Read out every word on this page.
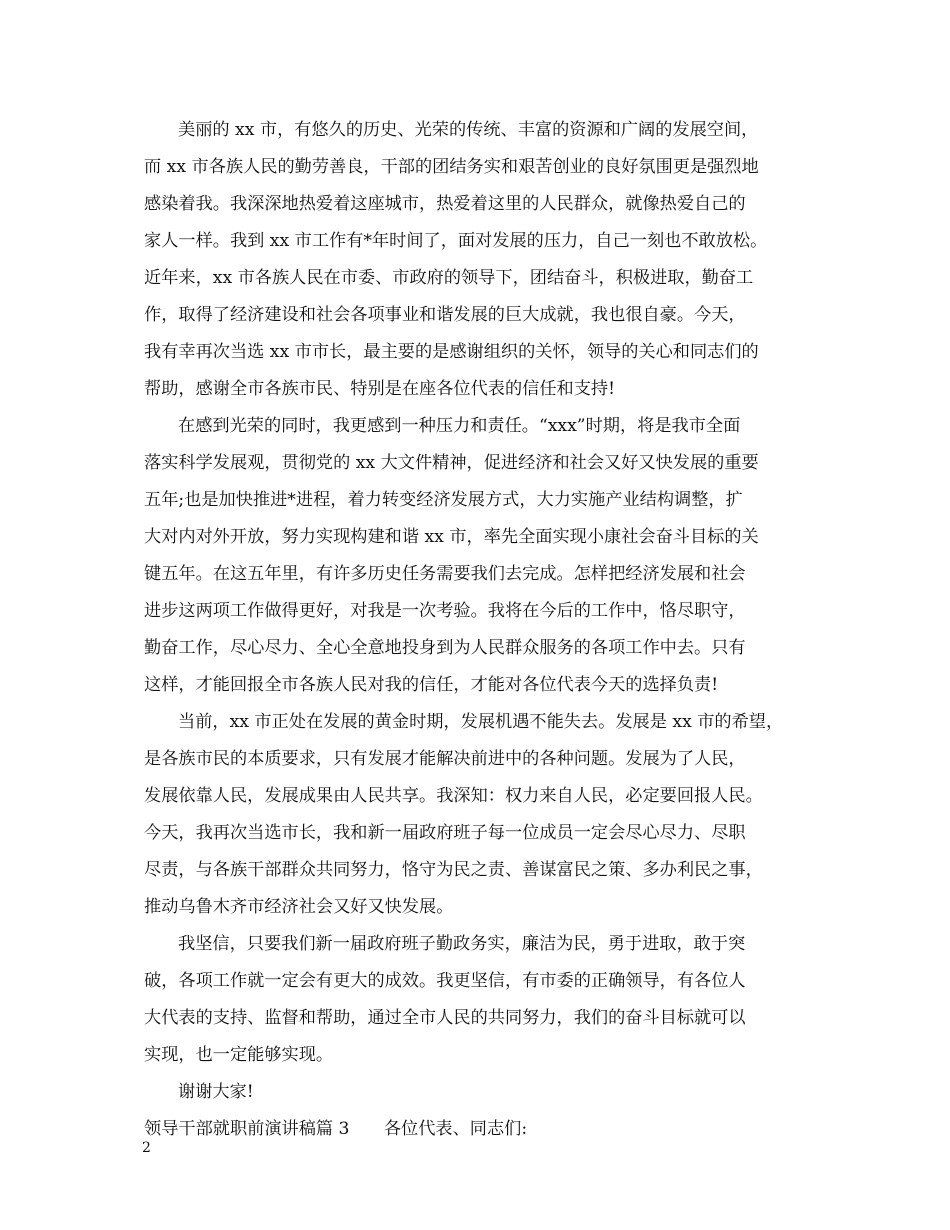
美丽的 xx 市，有悠久的历史、光荣的传统、丰富的资源和广阔的发展空间，
而 xx 市各族人民的勤劳善良，干部的团结务实和艰苦创业的良好氛围更是强烈地
感染着我。我深深地热爱着这座城市，热爱着这里的人民群众，就像热爱自己的
家人一样。我到 xx 市工作有*年时间了，面对发展的压力，自己一刻也不敢放松。
近年来，xx 市各族人民在市委、市政府的领导下，团结奋斗，积极进取，勤奋工
作，取得了经济建设和社会各项事业和谐发展的巨大成就，我也很自豪。今天，
我有幸再次当选 xx 市市长，最主要的是感谢组织的关怀，领导的关心和同志们的
帮助，感谢全市各族市民、特别是在座各位代表的信任和支持!
在感到光荣的同时，我更感到一种压力和责任。“xxx”时期，将是我市全面
落实科学发展观，贯彻党的 xx 大文件精神，促进经济和社会又好又快发展的重要
五年;也是加快推进*进程，着力转变经济发展方式，大力实施产业结构调整，扩
大对内对外开放，努力实现构建和谐 xx 市，率先全面实现小康社会奋斗目标的关
键五年。在这五年里，有许多历史任务需要我们去完成。怎样把经济发展和社会
进步这两项工作做得更好，对我是一次考验。我将在今后的工作中，恪尽职守，
勤奋工作，尽心尽力、全心全意地投身到为人民群众服务的各项工作中去。只有
这样，才能回报全市各族人民对我的信任，才能对各位代表今天的选择负责!
当前，xx 市正处在发展的黄金时期，发展机遇不能失去。发展是 xx 市的希望，
是各族市民的本质要求，只有发展才能解决前进中的各种问题。发展为了人民，
发展依靠人民，发展成果由人民共享。我深知：权力来自人民，必定要回报人民。
今天，我再次当选市长，我和新一届政府班子每一位成员一定会尽心尽力、尽职
尽责，与各族干部群众共同努力，恪守为民之责、善谋富民之策、多办利民之事，
推动乌鲁木齐市经济社会又好又快发展。
我坚信，只要我们新一届政府班子勤政务实，廉洁为民，勇于进取，敢于突
破，各项工作就一定会有更大的成效。我更坚信，有市委的正确领导，有各位人
大代表的支持、监督和帮助，通过全市人民的共同努力，我们的奋斗目标就可以
实现，也一定能够实现。
谢谢大家!
领导干部就职前演讲稿篇 3　　各位代表、同志们:
2
